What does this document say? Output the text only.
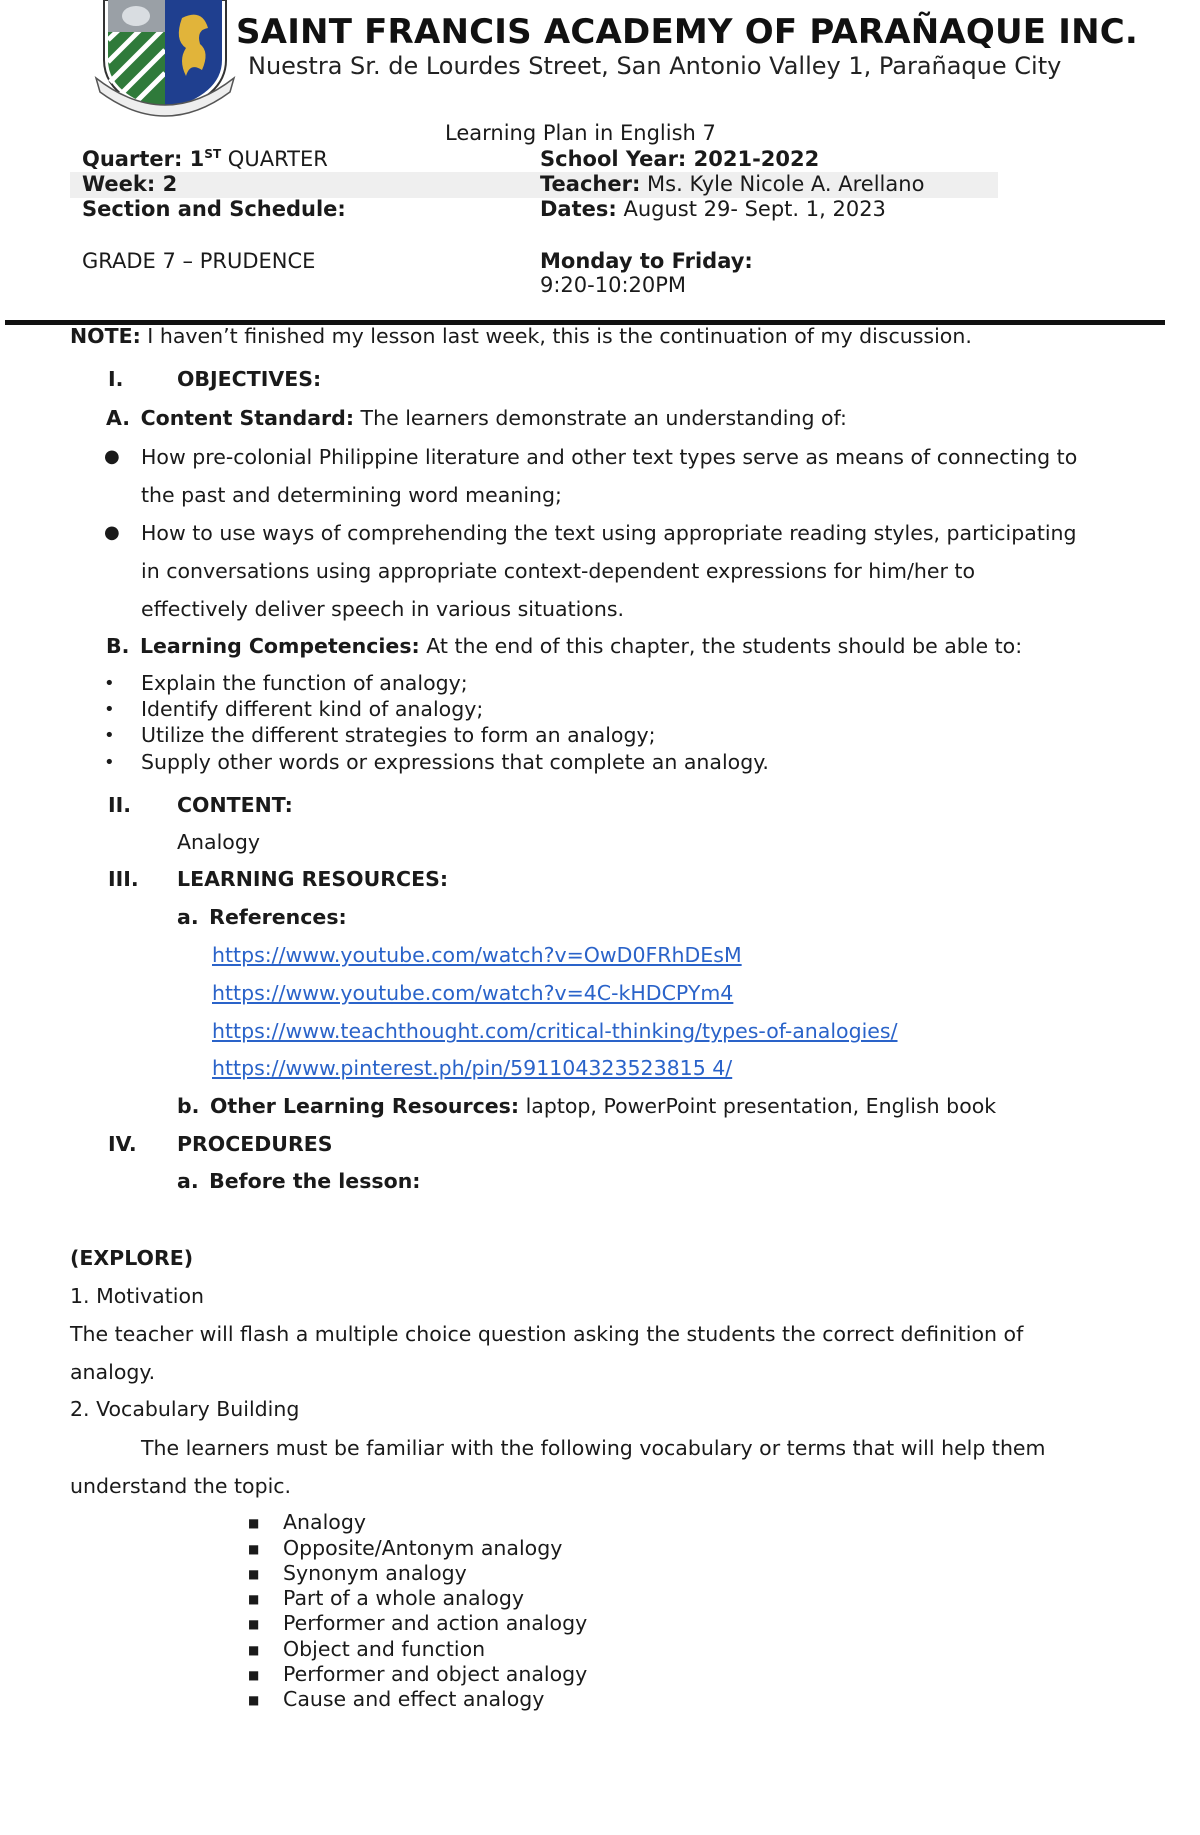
SAINT FRANCIS ACADEMY OF PARAÑAQUE INC.
Nuestra Sr. de Lourdes Street, San Antonio Valley 1, Parañaque City
Learning Plan in English 7
Quarter: 1ST QUARTER	School Year: 2021-2022
Week: 2	Teacher: Ms. Kyle Nicole A. Arellano
Section and Schedule:	Dates: August 29- Sept. 1, 2023
GRADE 7 – PRUDENCE	Monday to Friday:
9:20-10:20PM
NOTE: I haven’t finished my lesson last week, this is the continuation of my discussion.
I.	OBJECTIVES:
A. Content Standard: The learners demonstrate an understanding of:
● How pre-colonial Philippine literature and other text types serve as means of connecting to
the past and determining word meaning;
● How to use ways of comprehending the text using appropriate reading styles, participating
in conversations using appropriate context-dependent expressions for him/her to
effectively deliver speech in various situations.
B. Learning Competencies: At the end of this chapter, the students should be able to:
• Explain the function of analogy;
• Identify different kind of analogy;
• Utilize the different strategies to form an analogy;
• Supply other words or expressions that complete an analogy.
II. CONTENT:
Analogy
III. LEARNING RESOURCES:
a. References:
https://www.youtube.com/watch?v=OwD0FRhDEsM
https://www.youtube.com/watch?v=4C-kHDCPYm4
https://www.teachthought.com/critical-thinking/types-of-analogies/
https://www.pinterest.ph/pin/591104323523815 4/
b. Other Learning Resources: laptop, PowerPoint presentation, English book
IV. PROCEDURES
a. Before the lesson:
(EXPLORE)
1. Motivation
The teacher will flash a multiple choice question asking the students the correct definition of
analogy.
2. Vocabulary Building
The learners must be familiar with the following vocabulary or terms that will help them
understand the topic.
■ Analogy
■ Opposite/Antonym analogy
■ Synonym analogy
■ Part of a whole analogy
■ Performer and action analogy
■ Object and function
■ Performer and object analogy
■ Cause and effect analogy
